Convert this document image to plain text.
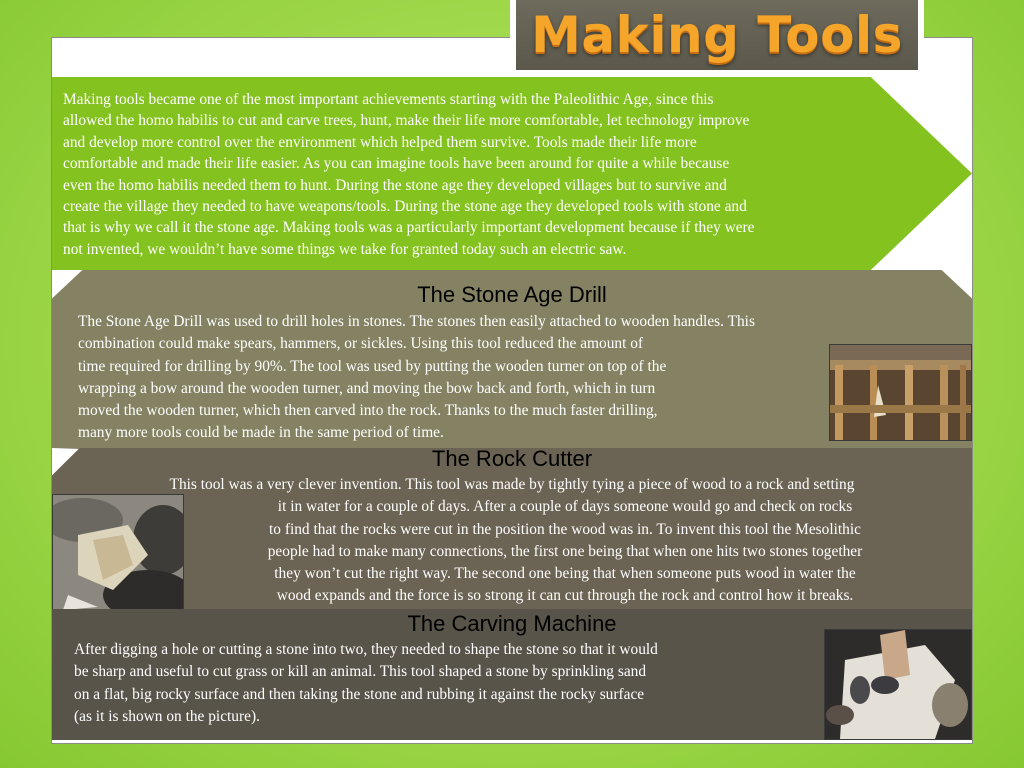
Making Tools
Making tools became one of the most important achievements starting with the Paleolithic Age, since this
allowed the homo habilis to cut and carve trees, hunt, make their life more comfortable, let technology improve
and develop more control over the environment which helped them survive. Tools made their life more
comfortable and made their life easier. As you can imagine tools have been around for quite a while because
even the homo habilis needed them to hunt. During the stone age they developed villages but to survive and
create the village they needed to have weapons/tools. During the stone age they developed tools with stone and
that is why we call it the stone age. Making tools was a particularly important development because if they were
not invented, we wouldn’t have some things we take for granted today such an electric saw.
The Stone Age Drill
The Stone Age Drill was used to drill holes in stones. The stones then easily attached to wooden handles. This
combination could make spears, hammers, or sickles. Using this tool reduced the amount of
time required for drilling by 90%. The tool was used by putting the wooden turner on top of the
wrapping a bow around the wooden turner, and moving the bow back and forth, which in turn
moved the wooden turner, which then carved into the rock. Thanks to the much faster drilling,
many more tools could be made in the same period of time.
The Rock Cutter
This tool was a very clever invention. This tool was made by tightly tying a piece of wood to a rock and setting
it in water for a couple of days. After a couple of days someone would go and check on rocks
to find that the rocks were cut in the position the wood was in. To invent this tool the Mesolithic
people had to make many connections, the first one being that when one hits two stones together
they won’t cut the right way. The second one being that when someone puts wood in water the
wood expands and the force is so strong it can cut through the rock and control how it breaks.
The Carving Machine
After digging a hole or cutting a stone into two, they needed to shape the stone so that it would
be sharp and useful to cut grass or kill an animal. This tool shaped a stone by sprinkling sand
on a flat, big rocky surface and then taking the stone and rubbing it against the rocky surface
(as it is shown on the picture).
